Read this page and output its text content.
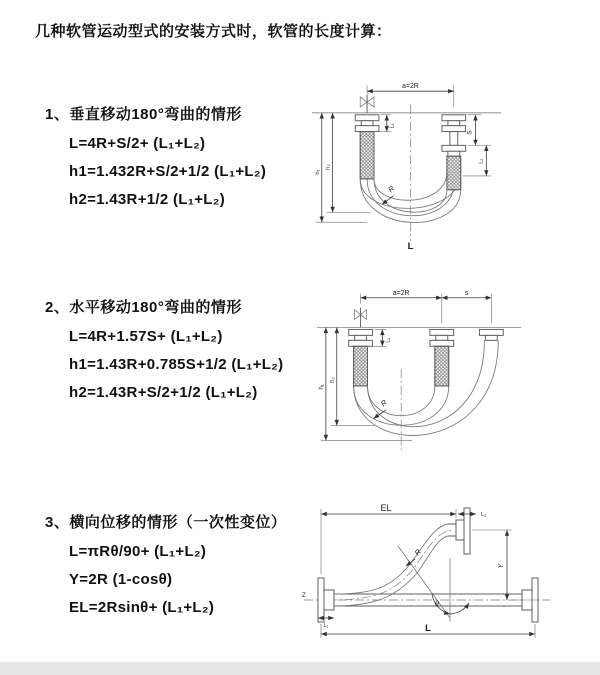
几种软管运动型式的安装方式时，软管的长度计算：
1、垂直移动180°弯曲的情形
L=4R+S/2+ (L₁+L₂)
h1=1.432R+S/2+1/2 (L₁+L₂)
h2=1.43R+1/2 (L₁+L₂)
2、水平移动180°弯曲的情形
L=4R+1.57S+ (L₁+L₂)
h1=1.43R+0.785S+1/2 (L₁+L₂)
h2=1.43R+S/2+1/2 (L₁+L₂)
3、横向位移的情形（一次性变位）
L=πRθ/90+ (L₁+L₂)
Y=2R (1-cosθ)
EL=2Rsinθ+ (L₁+L₂)
a=2R
S
L₂
L₁
h₁
h₂
R
L
a=2R	s
L₁
h₁
h₂
R
Z
EL
L₂
Y
L
L₁
R
θ
